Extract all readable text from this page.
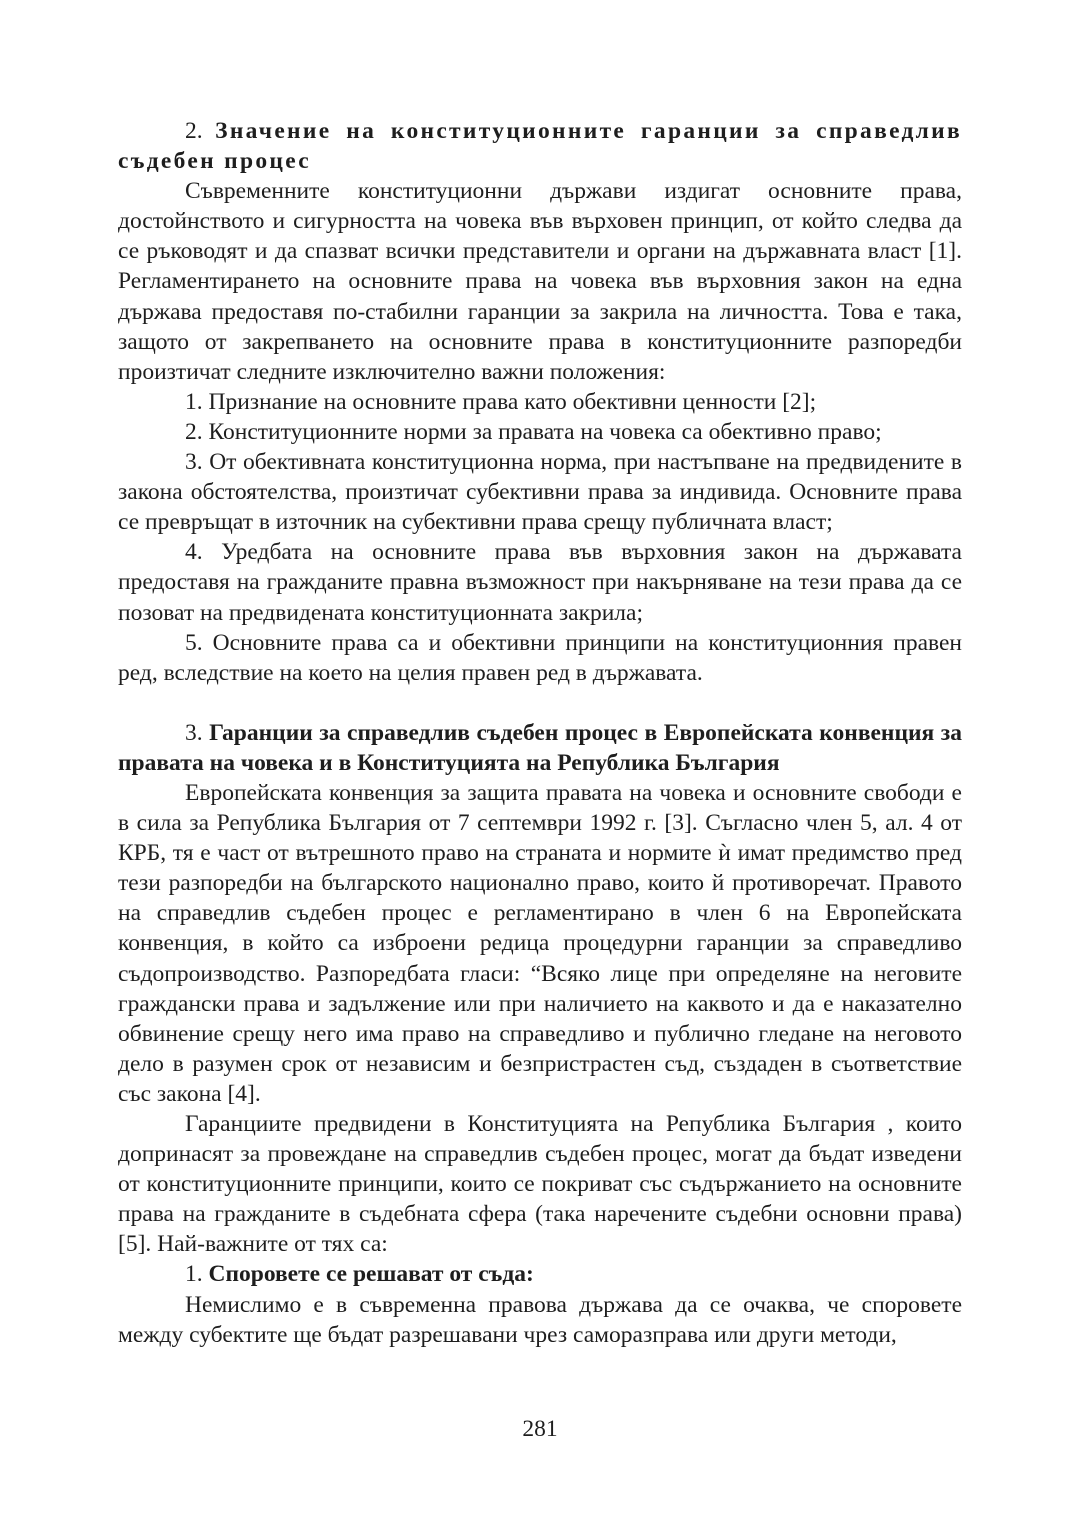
2. Значение на конституционните гаранции за справедлив съдебен процес

Съвременните конституционни държави издигат основните права, достойнството и сигурността на човека във върховен принцип, от който следва да се ръководят и да спазват всички представители и органи на държавната власт [1]. Регламентирането на основните права на човека във върховния закон на една държава предоставя по-стабилни гаранции за закрила на личността. Това е така, защото от закрепването на основните права в конституционните разпоредби произтичат следните изключително важни положения:

1. Признание на основните права като обективни ценности [2];

2. Конституционните норми за правата на човека са обективно право;

3. От обективната конституционна норма, при настъпване на предвидените в закона обстоятелства, произтичат субективни права за индивида. Основните права се превръщат в източник на субективни права срещу публичната власт;

4. Уредбата на основните права във върховния закон на държавата предоставя на гражданите правна възможност при накърняване на тези права да се позоват на предвидената конституционната закрила;

5. Основните права са и обективни принципи на конституционния правен ред, вследствие на което на целия правен ред в държавата.

3. Гаранции за справедлив съдебен процес в Европейската конвенция за правата на човека и в Конституцията на Република България

Европейската конвенция за защита правата на човека и основните свободи е в сила за Република България от 7 септември 1992 г. [3]. Съгласно член 5, ал. 4 от КРБ, тя е част от вътрешното право на страната и нормите ѝ имат предимство пред тези разпоредби на българското национално право, които й противоречат. Правото на справедлив съдебен процес е регламентирано в член 6 на Европейската конвенция, в който са изброени редица процедурни гаранции за справедливо съдопроизводство. Разпоредбата гласи: “Всяко лице при определяне на неговите граждански права и задължение или при наличието на каквото и да е наказателно обвинение срещу него има право на справедливо и публично гледане на неговото дело в разумен срок от независим и безпристрастен съд, създаден в съответствие със закона [4].

Гаранциите предвидени в Конституцията на Република България , които допринасят за провеждане на справедлив съдебен процес, могат да бъдат изведени от конституционните принципи, които се покриват със съдържанието на основните права на гражданите в съдебната сфера (така наречените съдебни основни права) [5]. Най-важните от тях са:

1. Споровете се решават от съда:

Немислимо е в съвременна правова държава да се очаква, че споровете между субектите ще бъдат разрешавани чрез саморазправа или други методи,

281
